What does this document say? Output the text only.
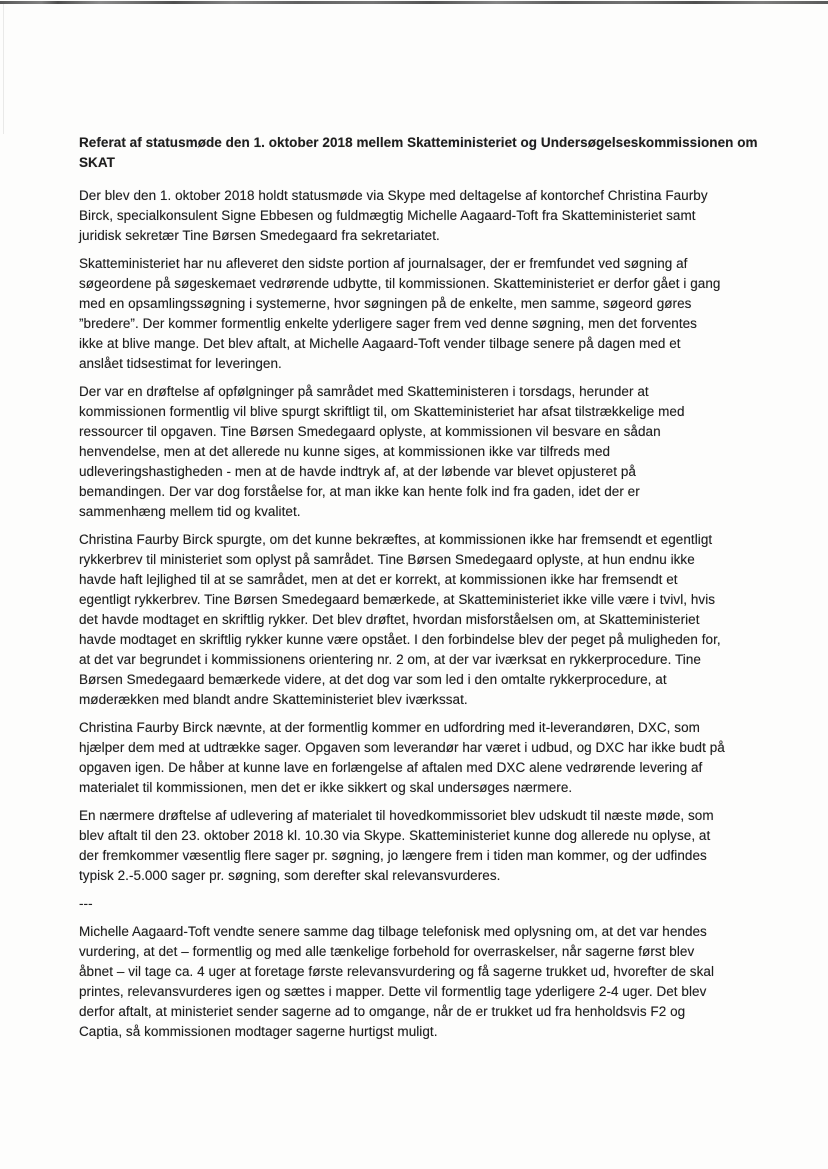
Referat af statusmøde den 1. oktober 2018 mellem Skatteministeriet og Undersøgelseskommissionen om
SKAT
Der blev den 1. oktober 2018 holdt statusmøde via Skype med deltagelse af kontorchef Christina Faurby
Birck, specialkonsulent Signe Ebbesen og fuldmægtig Michelle Aagaard-Toft fra Skatteministeriet samt
juridisk sekretær Tine Børsen Smedegaard fra sekretariatet.
Skatteministeriet har nu afleveret den sidste portion af journalsager, der er fremfundet ved søgning af
søgeordene på søgeskemaet vedrørende udbytte, til kommissionen. Skatteministeriet er derfor gået i gang
med en opsamlingssøgning i systemerne, hvor søgningen på de enkelte, men samme, søgeord gøres
”bredere”. Der kommer formentlig enkelte yderligere sager frem ved denne søgning, men det forventes
ikke at blive mange. Det blev aftalt, at Michelle Aagaard-Toft vender tilbage senere på dagen med et
anslået tidsestimat for leveringen.
Der var en drøftelse af opfølgninger på samrådet med Skatteministeren i torsdags, herunder at
kommissionen formentlig vil blive spurgt skriftligt til, om Skatteministeriet har afsat tilstrækkelige med
ressourcer til opgaven. Tine Børsen Smedegaard oplyste, at kommissionen vil besvare en sådan
henvendelse, men at det allerede nu kunne siges, at kommissionen ikke var tilfreds med
udleveringshastigheden - men at de havde indtryk af, at der løbende var blevet opjusteret på
bemandingen. Der var dog forståelse for, at man ikke kan hente folk ind fra gaden, idet der er
sammenhæng mellem tid og kvalitet.
Christina Faurby Birck spurgte, om det kunne bekræftes, at kommissionen ikke har fremsendt et egentligt
rykkerbrev til ministeriet som oplyst på samrådet. Tine Børsen Smedegaard oplyste, at hun endnu ikke
havde haft lejlighed til at se samrådet, men at det er korrekt, at kommissionen ikke har fremsendt et
egentligt rykkerbrev. Tine Børsen Smedegaard bemærkede, at Skatteministeriet ikke ville være i tvivl, hvis
det havde modtaget en skriftlig rykker. Det blev drøftet, hvordan misforståelsen om, at Skatteministeriet
havde modtaget en skriftlig rykker kunne være opstået. I den forbindelse blev der peget på muligheden for,
at det var begrundet i kommissionens orientering nr. 2 om, at der var iværksat en rykkerprocedure. Tine
Børsen Smedegaard bemærkede videre, at det dog var som led i den omtalte rykkerprocedure, at
møderækken med blandt andre Skatteministeriet blev iværkssat.
Christina Faurby Birck nævnte, at der formentlig kommer en udfordring med it-leverandøren, DXC, som
hjælper dem med at udtrække sager. Opgaven som leverandør har været i udbud, og DXC har ikke budt på
opgaven igen. De håber at kunne lave en forlængelse af aftalen med DXC alene vedrørende levering af
materialet til kommissionen, men det er ikke sikkert og skal undersøges nærmere.
En nærmere drøftelse af udlevering af materialet til hovedkommissoriet blev udskudt til næste møde, som
blev aftalt til den 23. oktober 2018 kl. 10.30 via Skype. Skatteministeriet kunne dog allerede nu oplyse, at
der fremkommer væsentlig flere sager pr. søgning, jo længere frem i tiden man kommer, og der udfindes
typisk 2.-5.000 sager pr. søgning, som derefter skal relevansvurderes.
---
Michelle Aagaard-Toft vendte senere samme dag tilbage telefonisk med oplysning om, at det var hendes
vurdering, at det – formentlig og med alle tænkelige forbehold for overraskelser, når sagerne først blev
åbnet – vil tage ca. 4 uger at foretage første relevansvurdering og få sagerne trukket ud, hvorefter de skal
printes, relevansvurderes igen og sættes i mapper. Dette vil formentlig tage yderligere 2-4 uger. Det blev
derfor aftalt, at ministeriet sender sagerne ad to omgange, når de er trukket ud fra henholdsvis F2 og
Captia, så kommissionen modtager sagerne hurtigst muligt.
